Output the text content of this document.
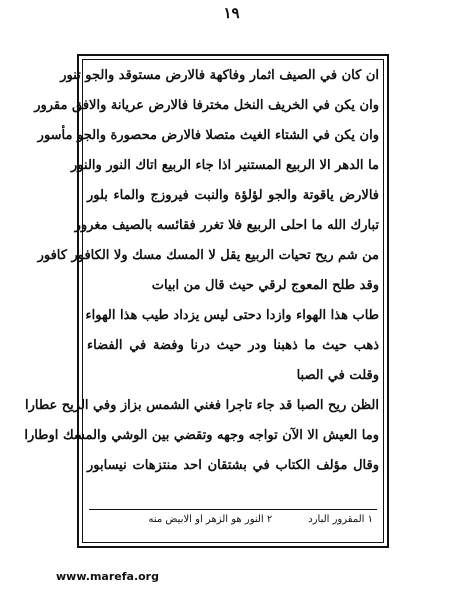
١٩
ان كان في الصيف اثمار وفاكهة فالارض مستوقد والجو تنور
وان يكن في الخريف النخل مخترفا فالارض عريانة والافق مقرور
وان يكن في الشتاء الغيث متصلا فالارض محصورة والجو مأسور
ما الدهر الا الربيع المستنير اذا جاء الربيع اتاك النور والنور
فالارض ياقوتة والجو لؤلؤة والنبت فيروزج والماء بلور
تبارك الله ما احلى الربيع فلا تغرر فقائسه بالصيف مغرور
من شم ريح تحيات الربيع يقل لا المسك مسك ولا الكافور كافور
وقد طلح المعوج لرقي حيث قال من ابيات
طاب هذا الهواء وازدا دحتى ليس يزداد طيب هذا الهواء
ذهب حيث ما ذهبنا ودر حيث درنا وفضة في الفضاء
وقلت في الصبا
الظن ريح الصبا قد جاء تاجرا فغني الشمس بزاز وفي الريح عطارا
وما العيش الا الآن تواجه وجهه وتقضي بين الوشي والمسك اوطارا
وقال مؤلف الكتاب في بشتقان احد منتزهات نيسابور
١ المقرور البارد
٢ النور هو الزهر او الابيض منه
www.marefa.org
